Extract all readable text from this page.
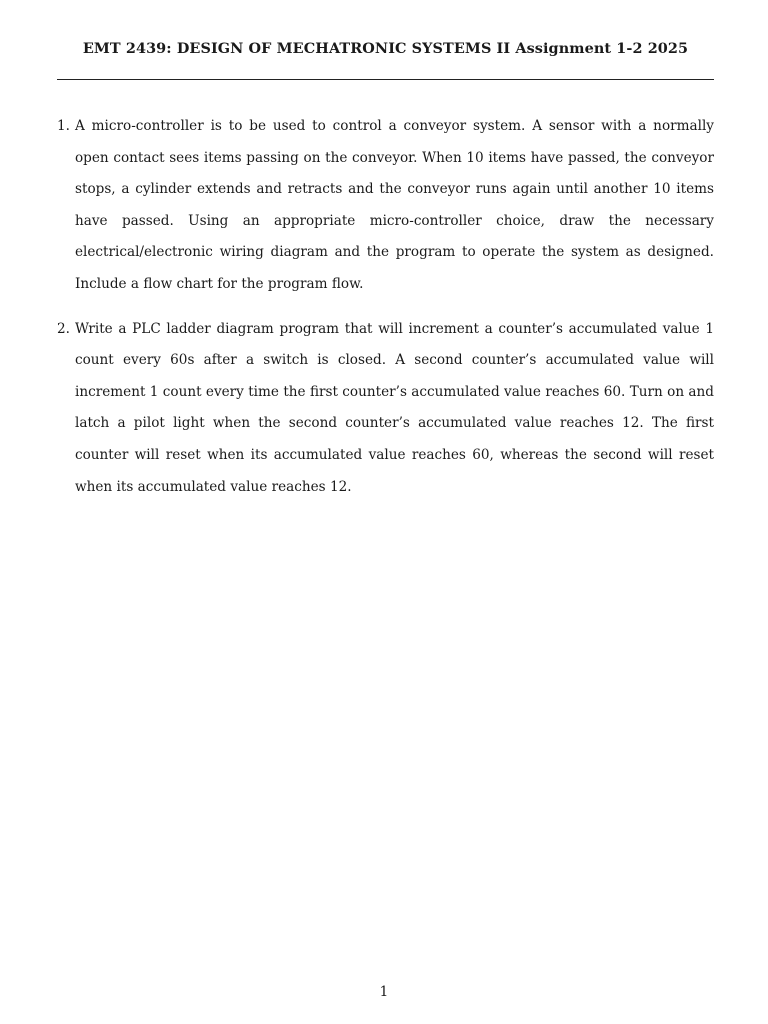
EMT 2439: DESIGN OF MECHATRONIC SYSTEMS II Assignment 1-2 2025
1. A micro-controller is to be used to control a conveyor system. A sensor with a normally open contact sees items passing on the conveyor. When 10 items have passed, the conveyor stops, a cylinder extends and retracts and the conveyor runs again until another 10 items have passed. Using an appropriate micro-controller choice, draw the necessary electrical/electronic wiring diagram and the program to operate the system as designed. Include a flow chart for the program flow.
2. Write a PLC ladder diagram program that will increment a counter’s accumulated value 1 count every 60s after a switch is closed. A second counter’s accumulated value will increment 1 count every time the first counter’s accumulated value reaches 60. Turn on and latch a pilot light when the second counter’s accumulated value reaches 12. The first counter will reset when its accumulated value reaches 60, whereas the second will reset when its accumulated value reaches 12.
1
